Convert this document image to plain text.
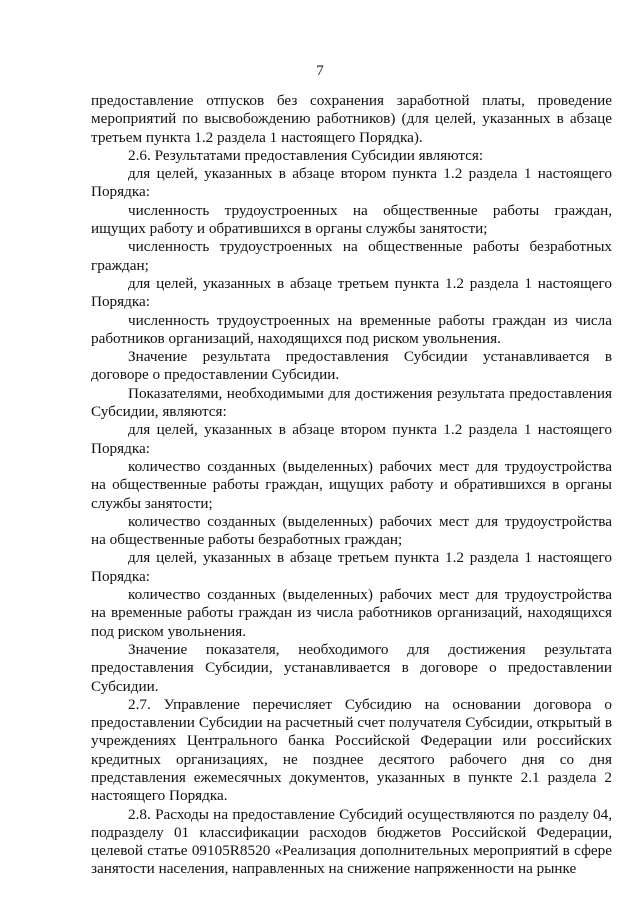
7

предоставление отпусков без сохранения заработной платы, проведение мероприятий по высвобождению работников) (для целей, указанных в абзаце третьем пункта 1.2 раздела 1 настоящего Порядка).

2.6. Результатами предоставления Субсидии являются:

для целей, указанных в абзаце втором пункта 1.2 раздела 1 настоящего Порядка:

численность трудоустроенных на общественные работы граждан, ищущих работу и обратившихся в органы службы занятости;

численность трудоустроенных на общественные работы безработных граждан;

для целей, указанных в абзаце третьем пункта 1.2 раздела 1 настоящего Порядка:

численность трудоустроенных на временные работы граждан из числа работников организаций, находящихся под риском увольнения.

Значение результата предоставления Субсидии устанавливается в договоре о предоставлении Субсидии.

Показателями, необходимыми для достижения результата предоставления Субсидии, являются:

для целей, указанных в абзаце втором пункта 1.2 раздела 1 настоящего Порядка:

количество созданных (выделенных) рабочих мест для трудоустройства на общественные работы граждан, ищущих работу и обратившихся в органы службы занятости;

количество созданных (выделенных) рабочих мест для трудоустройства на общественные работы безработных граждан;

для целей, указанных в абзаце третьем пункта 1.2 раздела 1 настоящего Порядка:

количество созданных (выделенных) рабочих мест для трудоустройства на временные работы граждан из числа работников организаций, находящихся под риском увольнения.

Значение показателя, необходимого для достижения результата предоставления Субсидии, устанавливается в договоре о предоставлении Субсидии.

2.7. Управление перечисляет Субсидию на основании договора о предоставлении Субсидии на расчетный счет получателя Субсидии, открытый в учреждениях Центрального банка Российской Федерации или российских кредитных организациях, не позднее десятого рабочего дня со дня представления ежемесячных документов, указанных в пункте 2.1 раздела 2 настоящего Порядка.

2.8. Расходы на предоставление Субсидий осуществляются по разделу 04, подразделу 01 классификации расходов бюджетов Российской Федерации, целевой статье 09105R8520 «Реализация дополнительных мероприятий в сфере занятости населения, направленных на снижение напряженности на рынке
